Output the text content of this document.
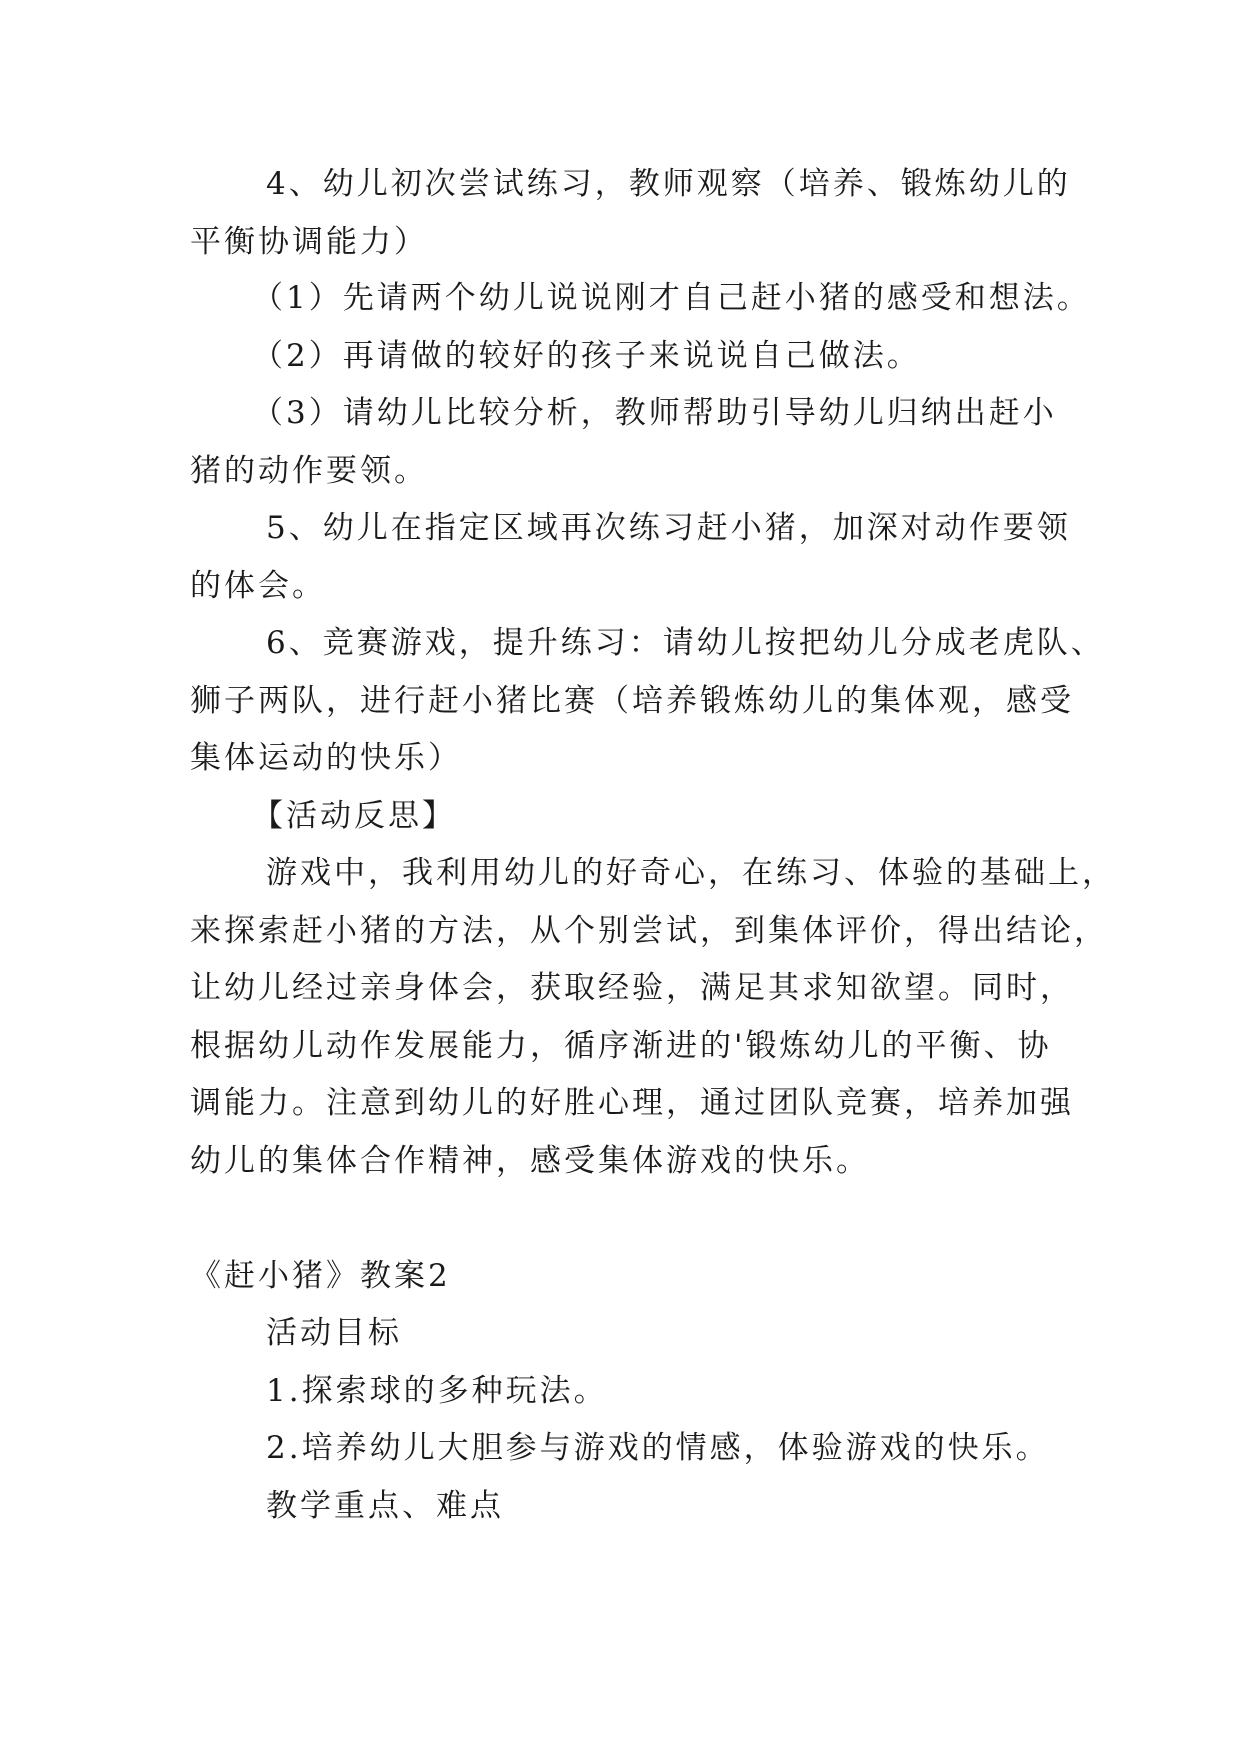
4、幼儿初次尝试练习，教师观察（培养、锻炼幼儿的
平衡协调能力）
（1）先请两个幼儿说说刚才自己赶小猪的感受和想法。
（2）再请做的较好的孩子来说说自己做法。
（3）请幼儿比较分析，教师帮助引导幼儿归纳出赶小
猪的动作要领。
5、幼儿在指定区域再次练习赶小猪，加深对动作要领
的体会。
6、竞赛游戏，提升练习：请幼儿按把幼儿分成老虎队、
狮子两队，进行赶小猪比赛（培养锻炼幼儿的集体观，感受
集体运动的快乐）
【活动反思】
游戏中，我利用幼儿的好奇心，在练习、体验的基础上，
来探索赶小猪的方法，从个别尝试，到集体评价，得出结论，
让幼儿经过亲身体会，获取经验，满足其求知欲望。同时，
根据幼儿动作发展能力，循序渐进的'锻炼幼儿的平衡、协
调能力。注意到幼儿的好胜心理，通过团队竞赛，培养加强
幼儿的集体合作精神，感受集体游戏的快乐。
《赶小猪》教案2
活动目标
1.探索球的多种玩法。
2.培养幼儿大胆参与游戏的情感，体验游戏的快乐。
教学重点、难点
